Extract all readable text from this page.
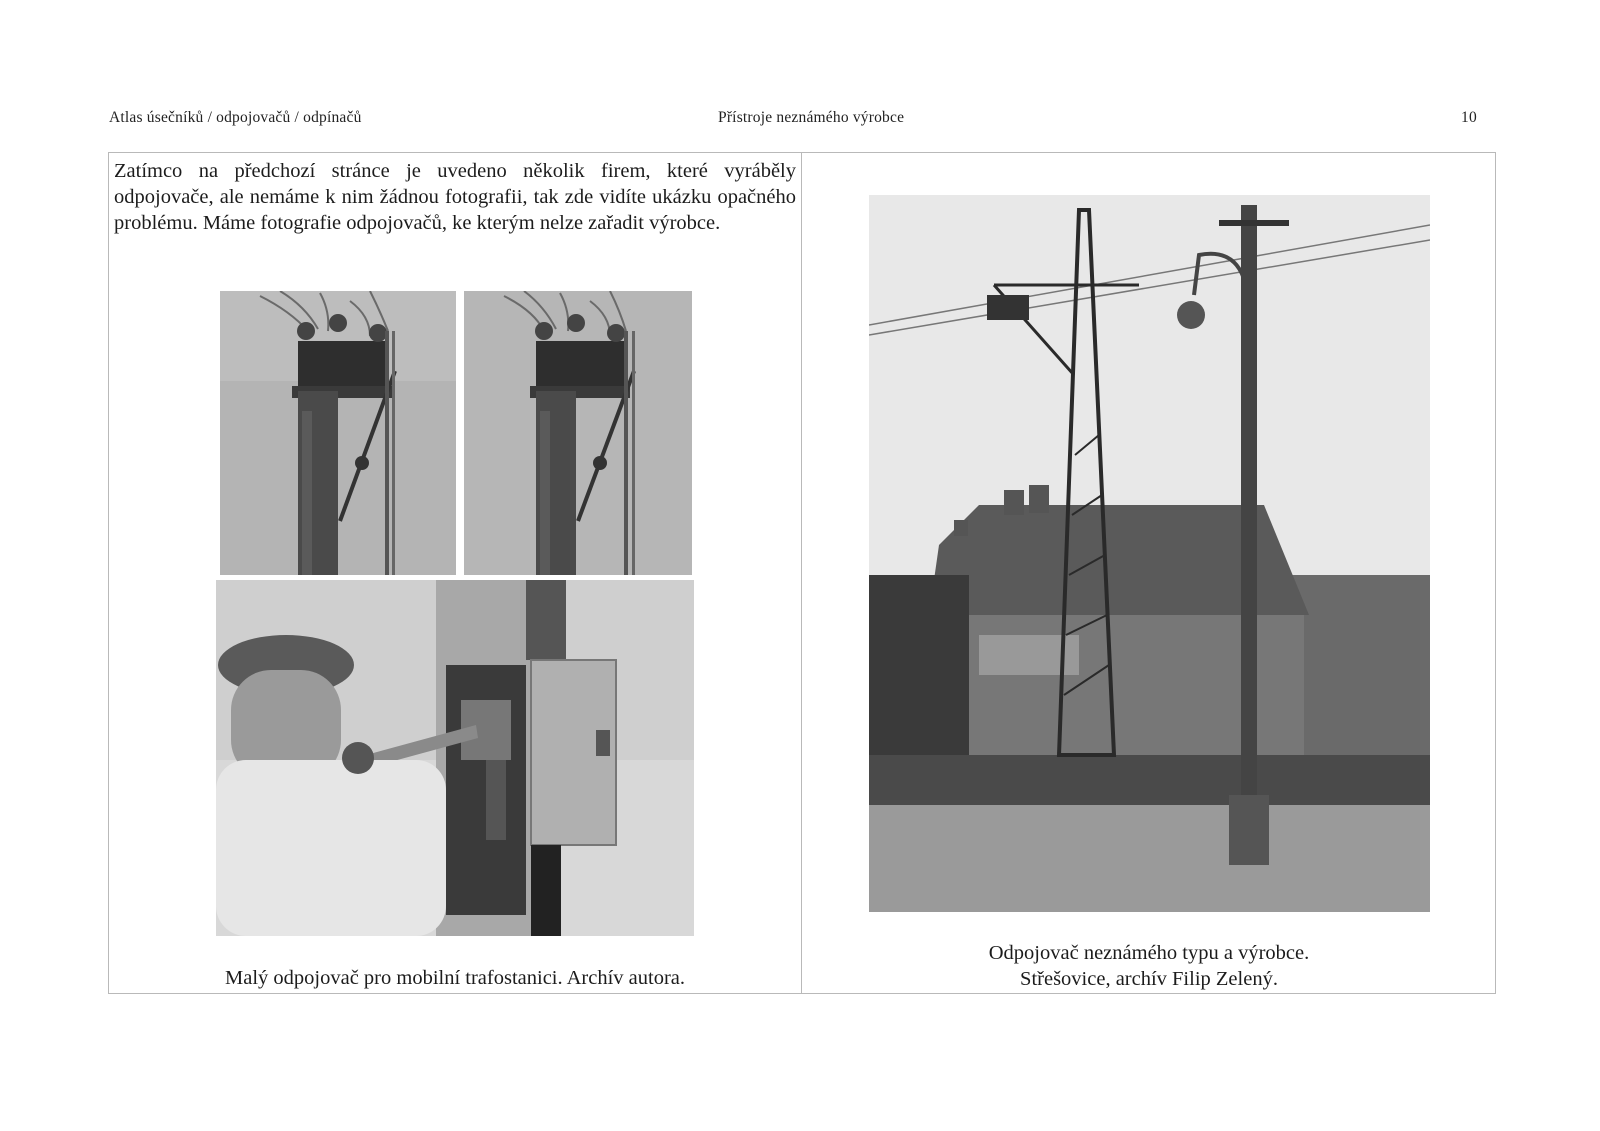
Atlas úsečníků / odpojovačů / odpínačů	Přístroje neznámého výrobce	10
Zatímco na předchozí stránce je uvedeno několik firem, které vyráběly odpojovače, ale nemáme k nim žádnou fotografii, tak zde vidíte ukázku opačného problému. Máme fotografie odpojovačů, ke kterým nelze zařadit výrobce.
Malý odpojovač pro mobilní trafostanici. Archív autora.
Odpojovač neznámého typu a výrobce.
Střešovice, archív Filip Zelený.
